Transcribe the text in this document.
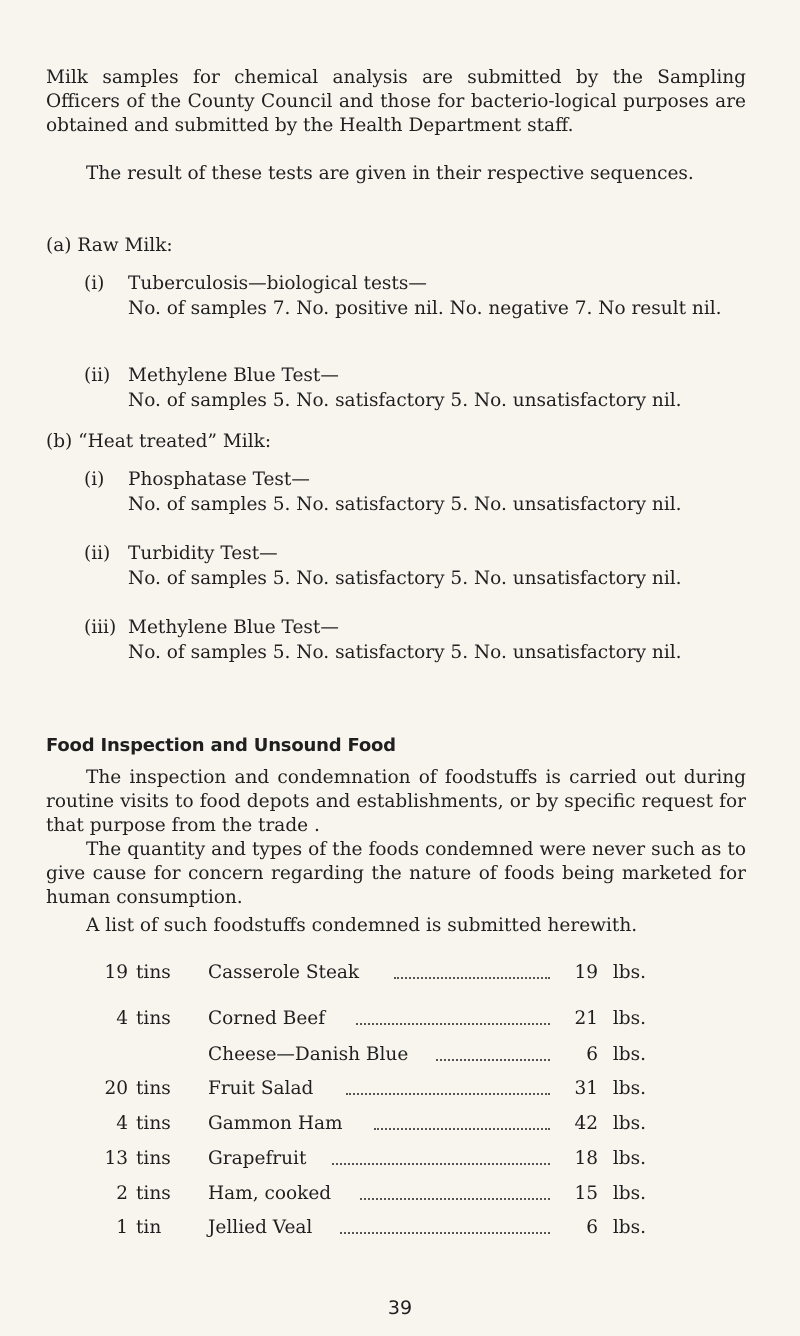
Milk samples for chemical analysis are submitted by the Sampling Officers of the County Council and those for bacterio-logical purposes are obtained and submitted by the Health Department staff.

The result of these tests are given in their respective sequences.

(a) Raw Milk:

(i) Tuberculosis—biological tests—

No. of samples 7. No. positive nil. No. negative 7. No result nil.

(ii) Methylene Blue Test—

No. of samples 5. No. satisfactory 5. No. unsatisfactory nil.

(b) “Heat treated” Milk:

(i) Phosphatase Test—

No. of samples 5. No. satisfactory 5. No. unsatisfactory nil.

(ii) Turbidity Test—

No. of samples 5. No. satisfactory 5. No. unsatisfactory nil.

(iii) Methylene Blue Test—

No. of samples 5. No. satisfactory 5. No. unsatisfactory nil.

Food Inspection and Unsound Food

The inspection and condemnation of foodstuffs is carried out during routine visits to food depots and establishments, or by specific request for that purpose from the trade .

The quantity and types of the foods condemned were never such as to give cause for concern regarding the nature of foods being marketed for human consumption.

A list of such foodstuffs condemned is submitted herewith.

19 tins Casserole Steak	19 lbs.
4 tins Corned Beef	21 lbs.
Cheese—Danish Blue	6 lbs.
20 tins Fruit Salad	31 lbs.
4 tins Gammon Ham	42 lbs.
13 tins Grapefruit	18 lbs.
2 tins Ham, cooked	15 lbs.
1 tin	Jellied Veal	6 lbs.
39
